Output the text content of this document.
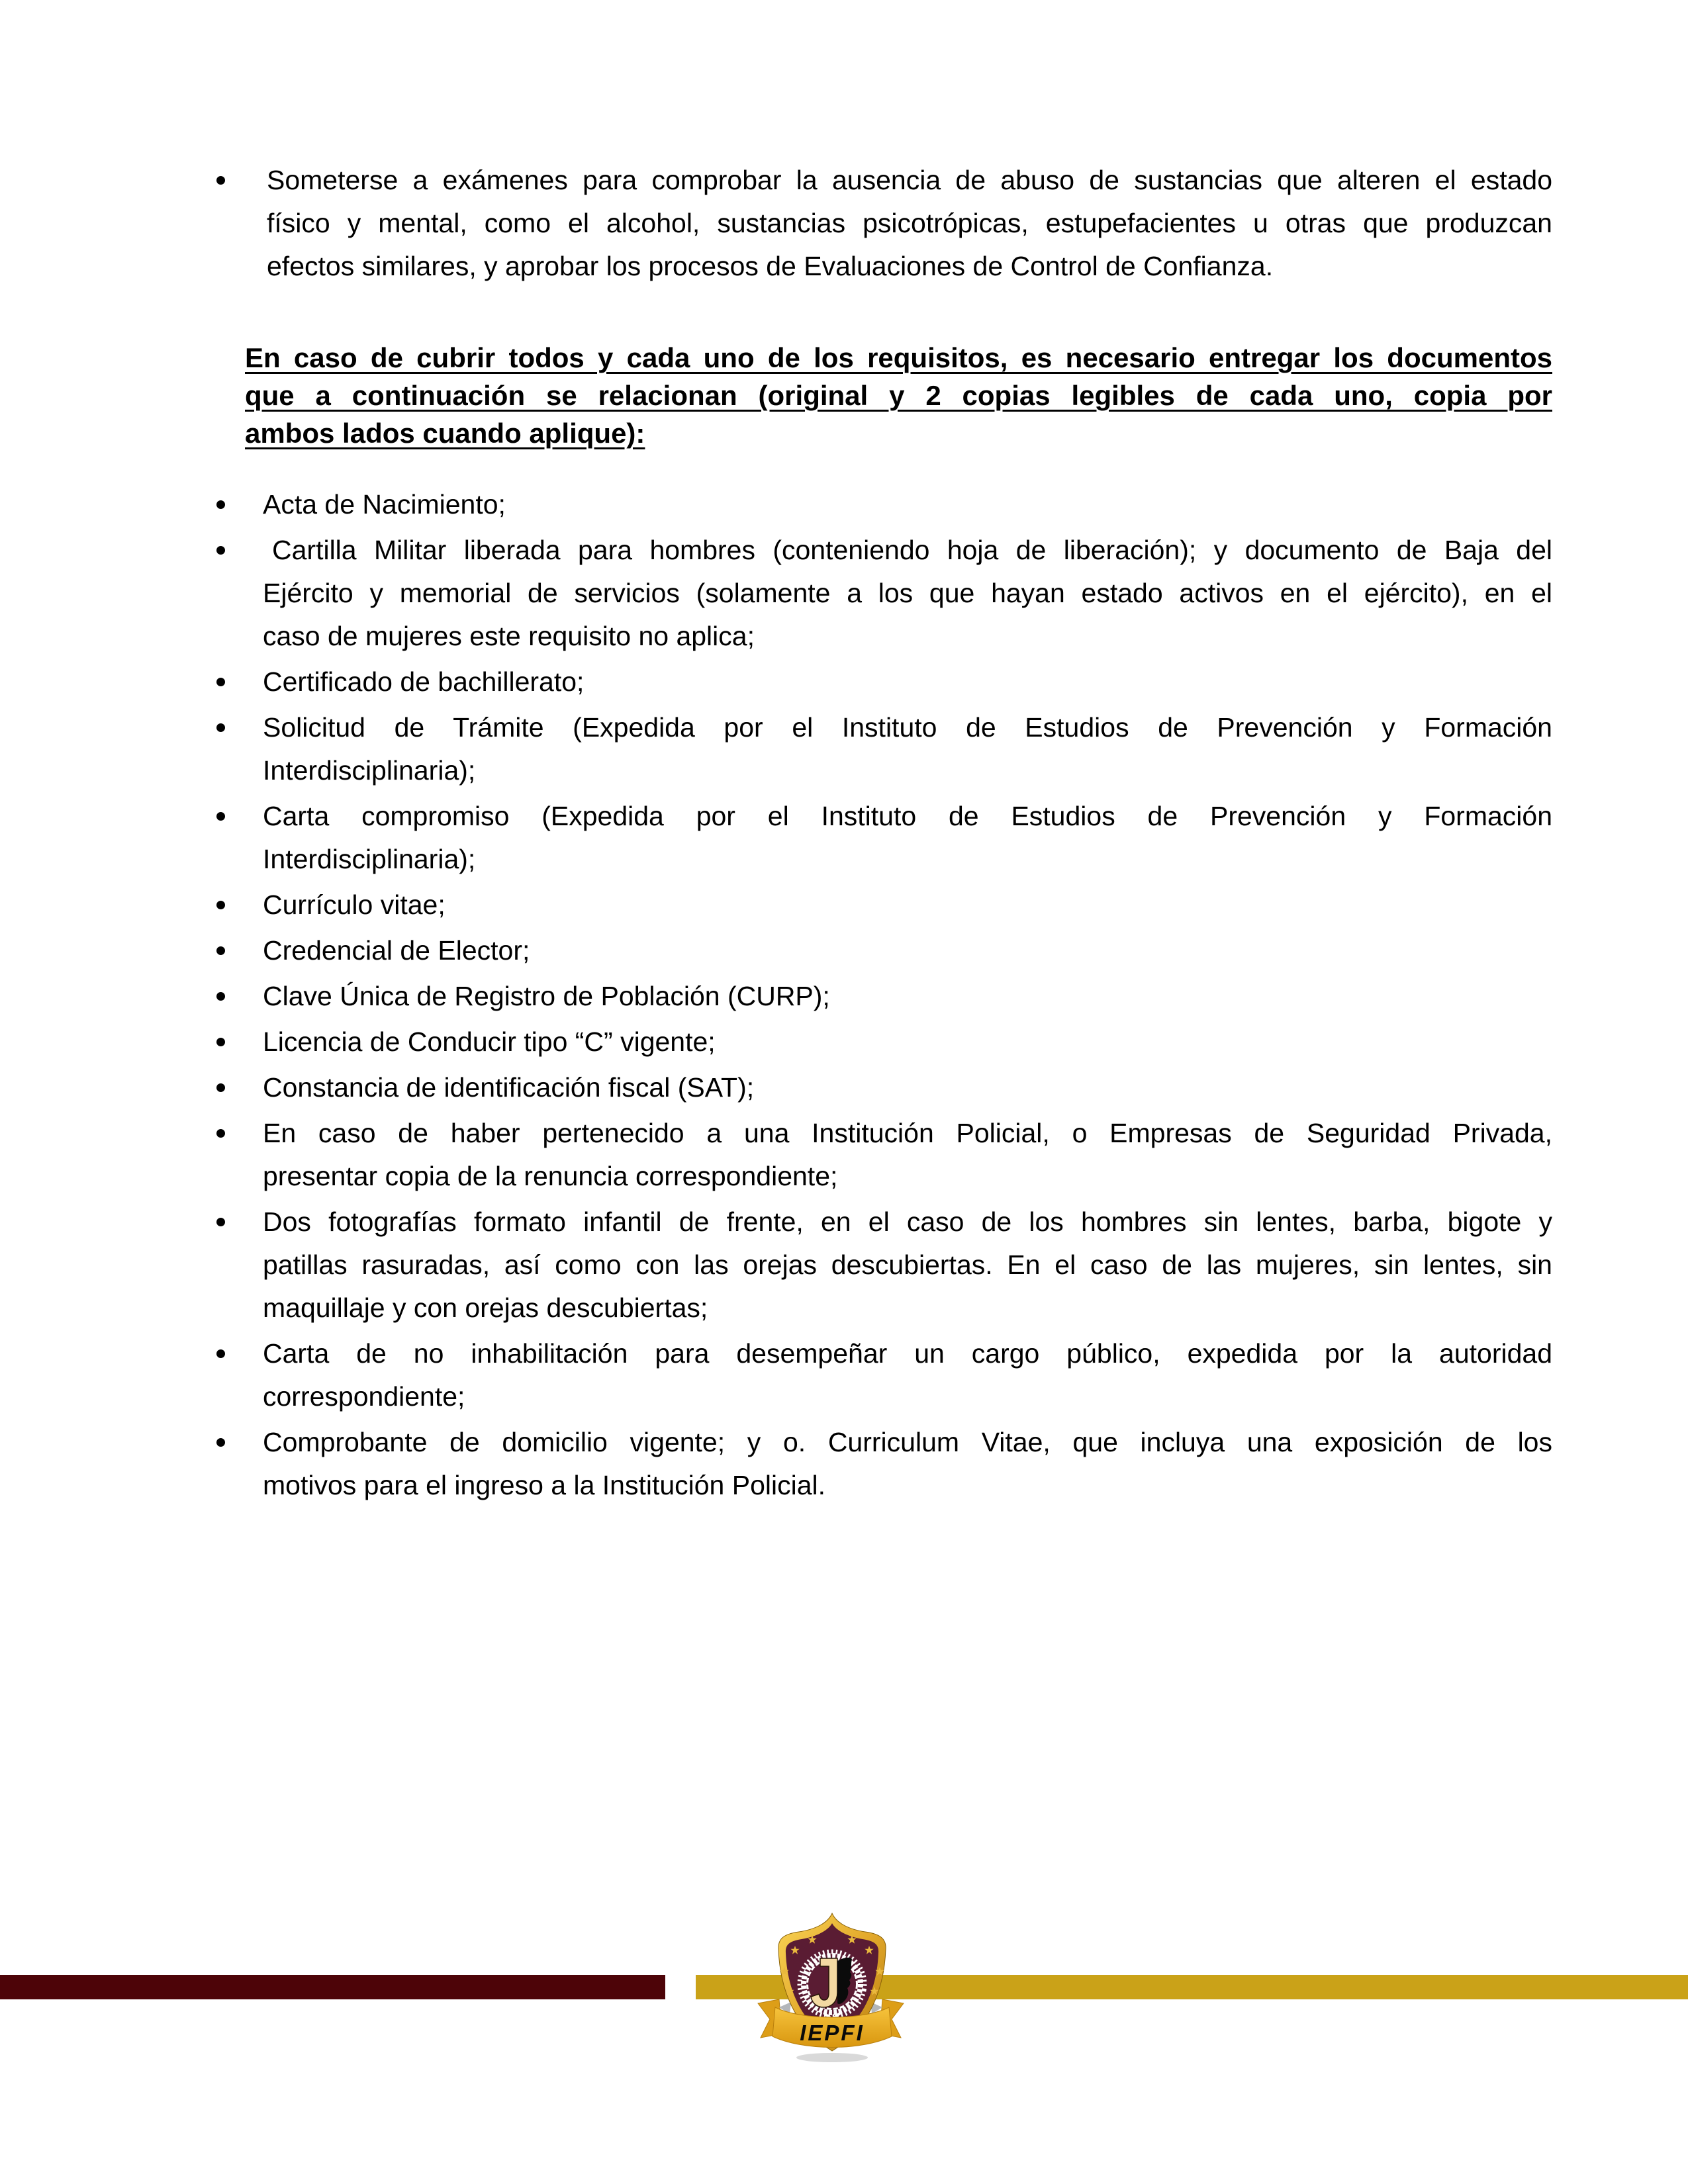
Someterse a exámenes para comprobar la ausencia de abuso de sustancias que alteren el estado
físico y mental, como el alcohol, sustancias psicotrópicas, estupefacientes u otras que produzcan
efectos similares, y aprobar los procesos de Evaluaciones de Control de Confianza.
En caso de cubrir todos y cada uno de los requisitos, es necesario entregar los documentos
que a continuación se relacionan (original y 2 copias legibles de cada uno, copia por
ambos lados cuando aplique):
Acta de Nacimiento;
Cartilla Militar liberada para hombres (conteniendo hoja de liberación); y documento de Baja del
Ejército y memorial de servicios (solamente a los que hayan estado activos en el ejército), en el
caso de mujeres este requisito no aplica;
Certificado de bachillerato;
Solicitud de Trámite (Expedida por el Instituto de Estudios de Prevención y Formación
Interdisciplinaria);
Carta compromiso (Expedida por el Instituto de Estudios de Prevención y Formación
Interdisciplinaria);
Currículo vitae;
Credencial de Elector;
Clave Única de Registro de Población (CURP);
Licencia de Conducir tipo “C” vigente;
Constancia de identificación fiscal (SAT);
En caso de haber pertenecido a una Institución Policial, o Empresas de Seguridad Privada,
presentar copia de la renuncia correspondiente;
Dos fotografías formato infantil de frente, en el caso de los hombres sin lentes, barba, bigote y
patillas rasuradas, así como con las orejas descubiertas. En el caso de las mujeres, sin lentes, sin
maquillaje y con orejas descubiertas;
Carta de no inhabilitación para desempeñar un cargo público, expedida por la autoridad
correspondiente;
Comprobante de domicilio vigente; y o. Curriculum Vitae, que incluya una exposición de los
motivos para el ingreso a la Institución Policial.
IEPFI
